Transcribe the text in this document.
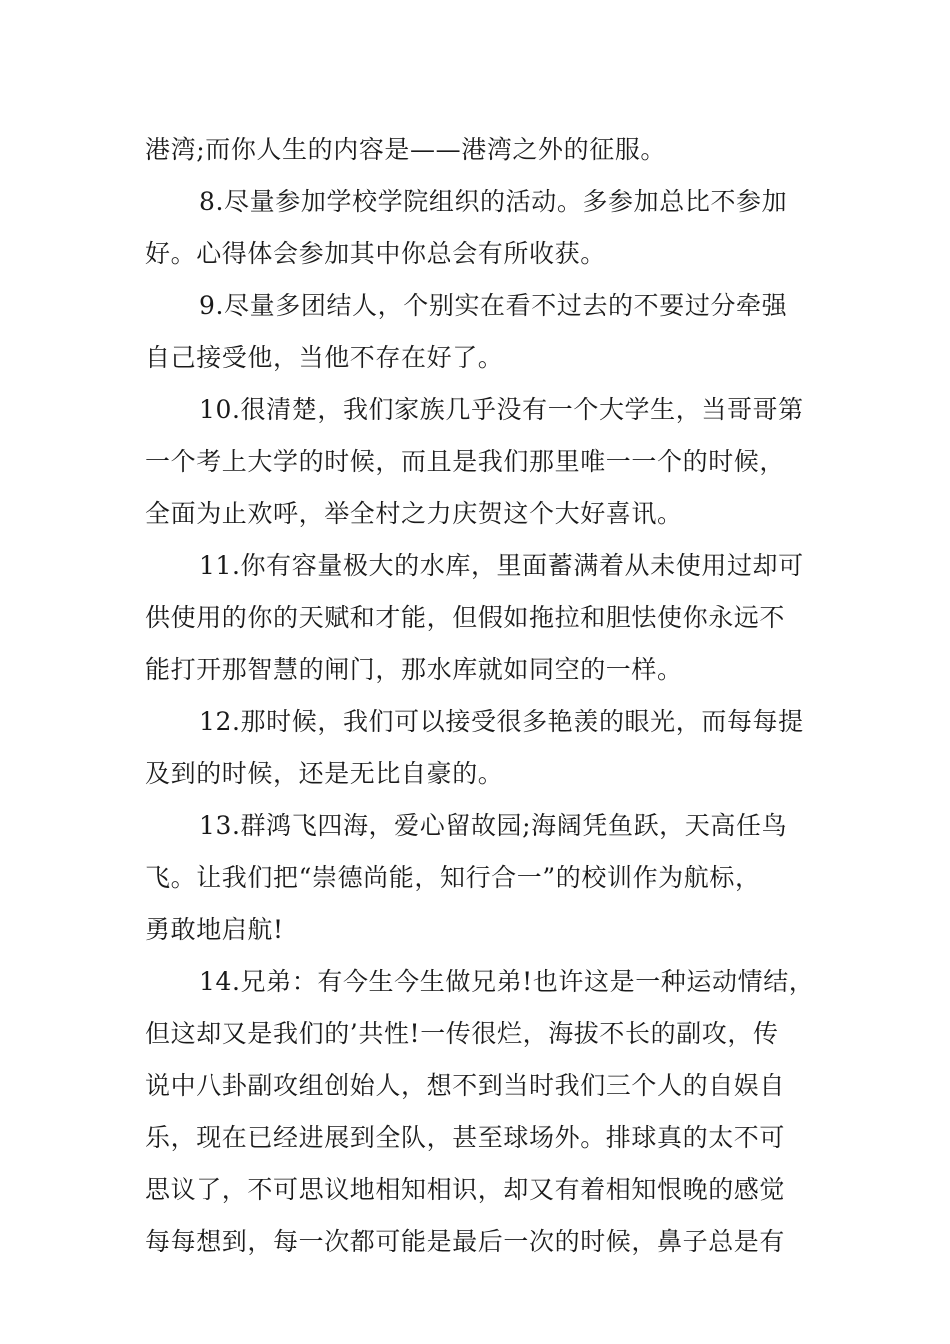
港湾;而你人生的内容是——港湾之外的征服。
8.尽量参加学校学院组织的活动。多参加总比不参加
好。心得体会参加其中你总会有所收获。
9.尽量多团结人，个别实在看不过去的不要过分牵强
自己接受他，当他不存在好了。
10.很清楚，我们家族几乎没有一个大学生，当哥哥第
一个考上大学的时候，而且是我们那里唯一一个的时候，
全面为止欢呼，举全村之力庆贺这个大好喜讯。
11.你有容量极大的水库，里面蓄满着从未使用过却可
供使用的你的天赋和才能，但假如拖拉和胆怯使你永远不
能打开那智慧的闸门，那水库就如同空的一样。
12.那时候，我们可以接受很多艳羡的眼光，而每每提
及到的时候，还是无比自豪的。
13.群鸿飞四海，爱心留故园;海阔凭鱼跃，天高任鸟
飞。让我们把“崇德尚能，知行合一”的校训作为航标，
勇敢地启航!
14.兄弟：有今生今生做兄弟!也许这是一种运动情结，
但这却又是我们的’共性!一传很烂，海拔不长的副攻，传
说中八卦副攻组创始人，想不到当时我们三个人的自娱自
乐，现在已经进展到全队，甚至球场外。排球真的太不可
思议了，不可思议地相知相识，却又有着相知恨晚的感觉
每每想到，每一次都可能是最后一次的时候，鼻子总是有
